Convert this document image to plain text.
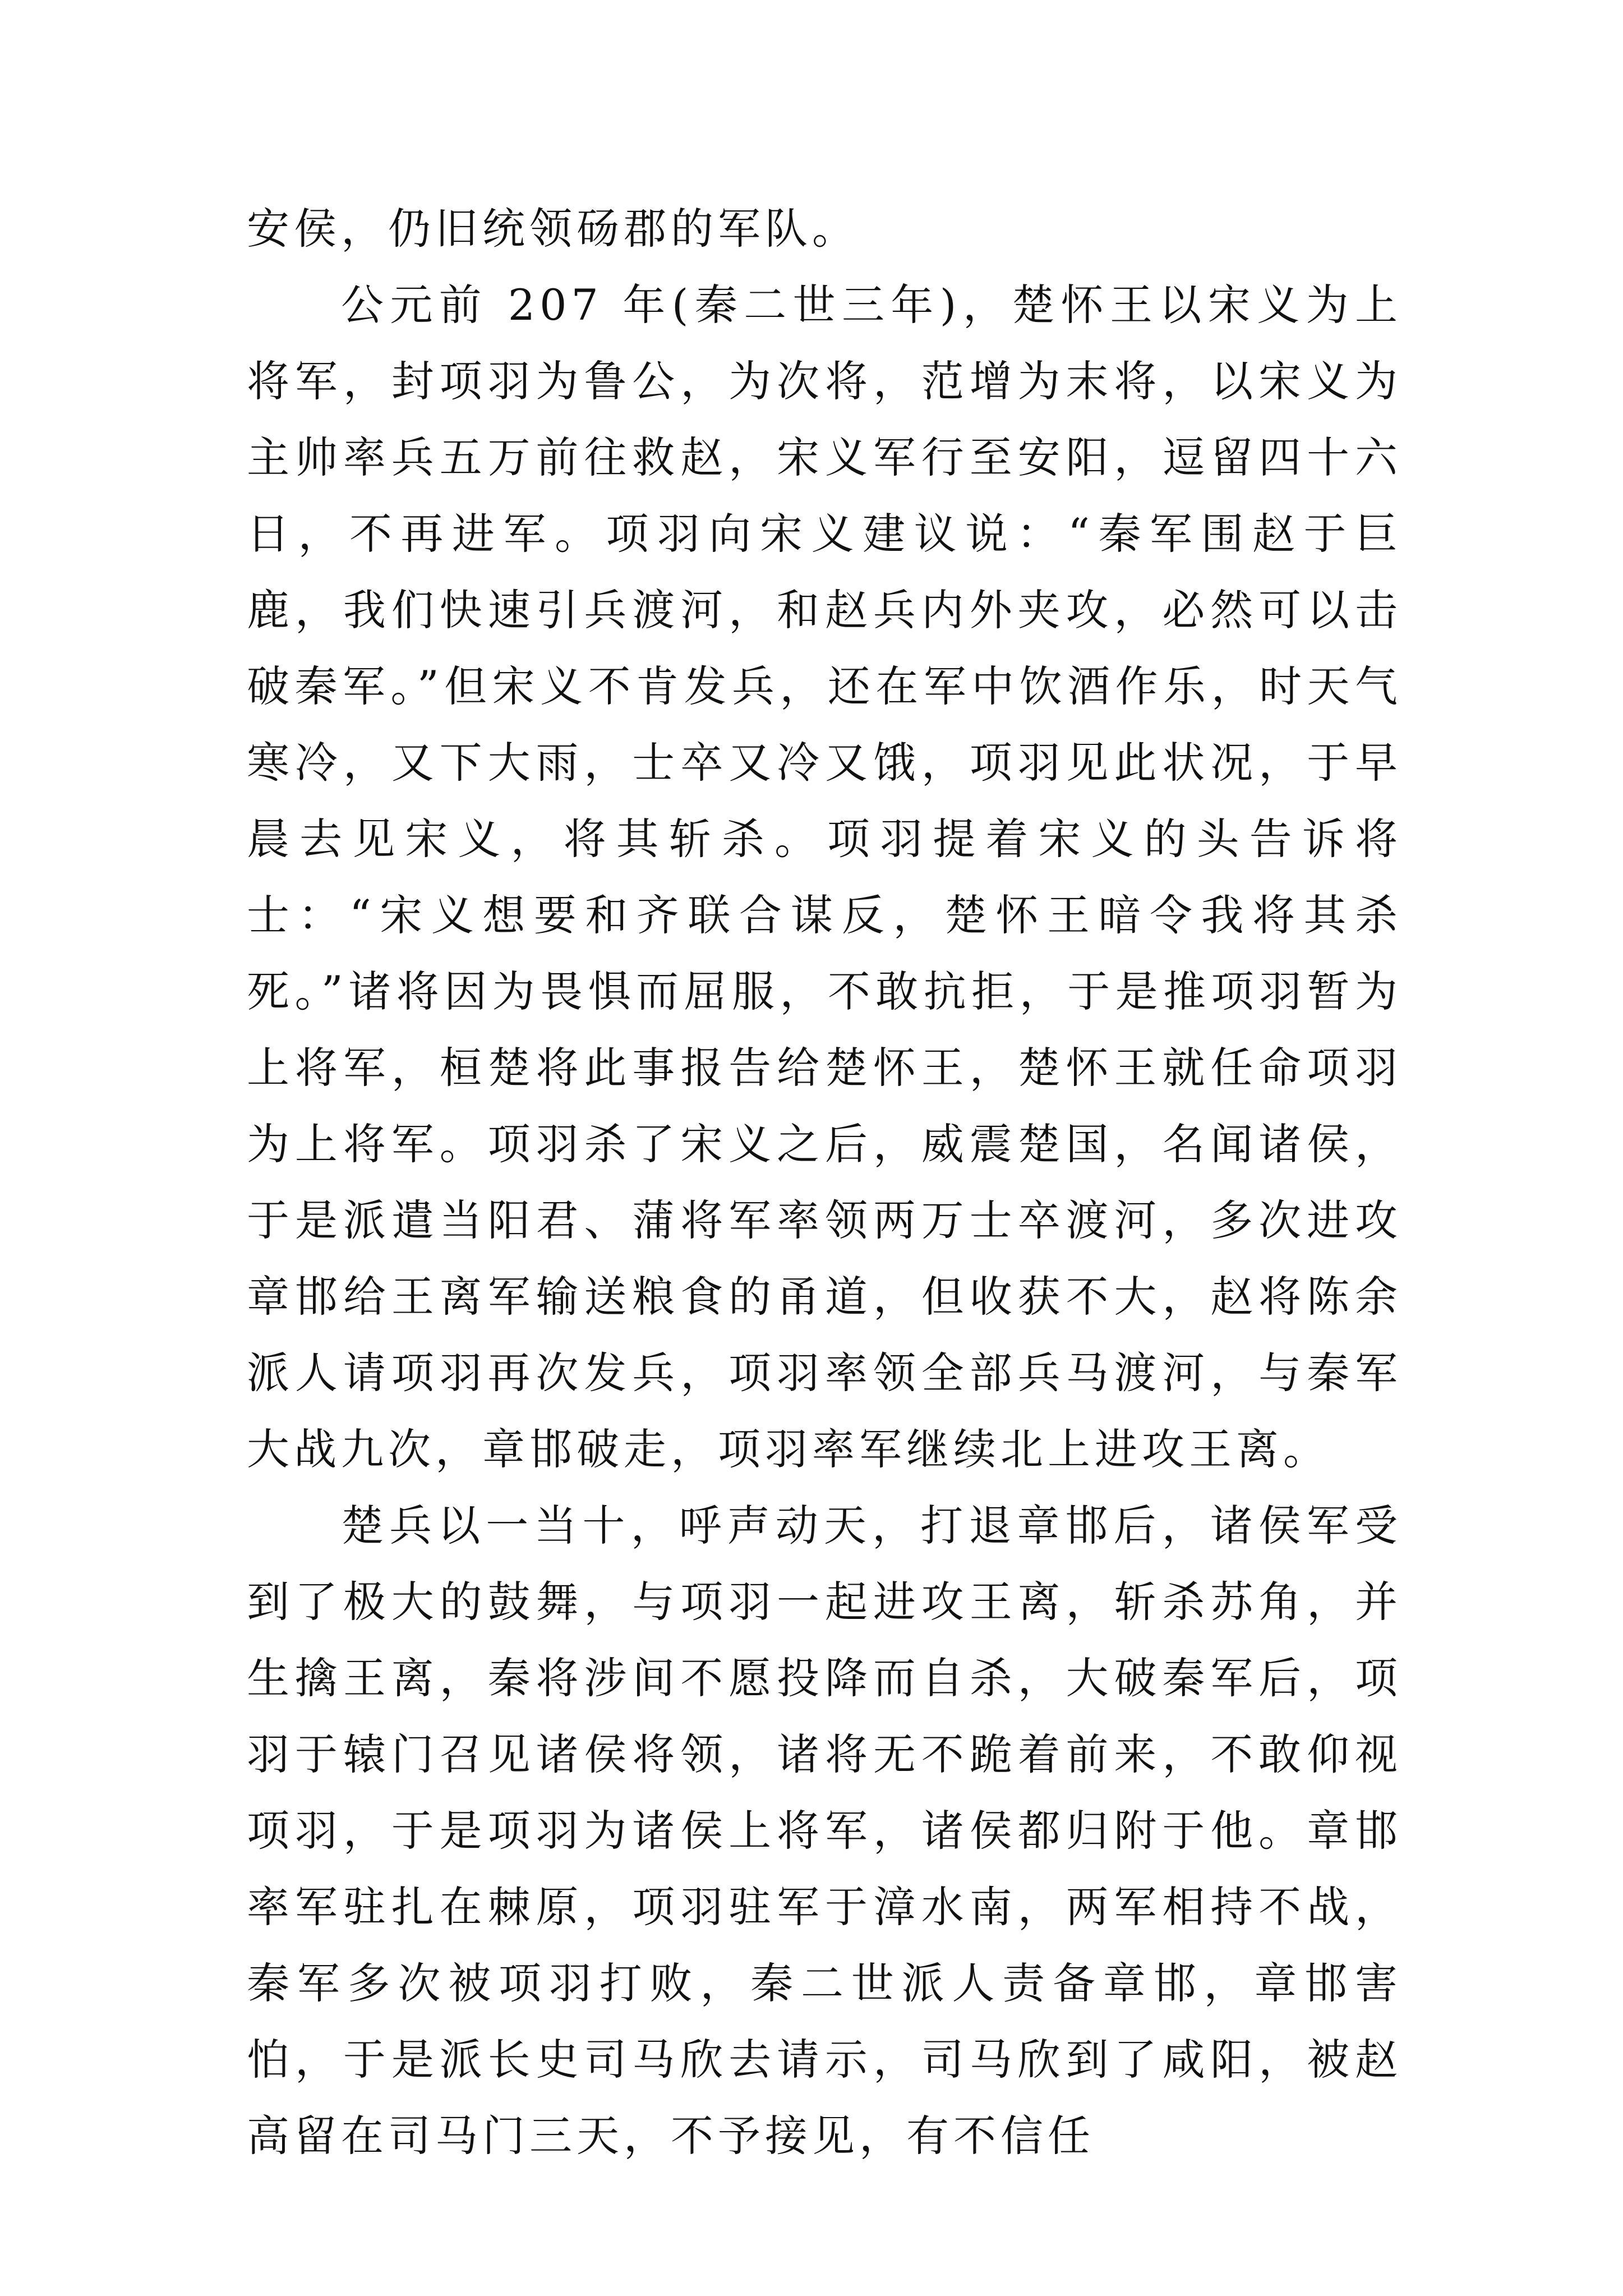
安侯，仍旧统领砀郡的军队。

公元前 207 年(秦二世三年)，楚怀王以宋义为上将军，封项羽为鲁公，为次将，范增为末将，以宋义为主帅率兵五万前往救赵，宋义军行至安阳，逗留四十六日，不再进军。项羽向宋义建议说：“秦军围赵于巨鹿，我们快速引兵渡河，和赵兵内外夹攻，必然可以击破秦军。”但宋义不肯发兵，还在军中饮酒作乐，时天气寒冷，又下大雨，士卒又冷又饿，项羽见此状况，于早晨去见宋义，将其斩杀。项羽提着宋义的头告诉将士：“宋义想要和齐联合谋反，楚怀王暗令我将其杀死。”诸将因为畏惧而屈服，不敢抗拒，于是推项羽暂为上将军，桓楚将此事报告给楚怀王，楚怀王就任命项羽为上将军。项羽杀了宋义之后，威震楚国，名闻诸侯，于是派遣当阳君、蒲将军率领两万士卒渡河，多次进攻章邯给王离军输送粮食的甬道，但收获不大，赵将陈余派人请项羽再次发兵，项羽率领全部兵马渡河，与秦军大战九次，章邯破走，项羽率军继续北上进攻王离。

楚兵以一当十，呼声动天，打退章邯后，诸侯军受到了极大的鼓舞，与项羽一起进攻王离，斩杀苏角，并生擒王离，秦将涉间不愿投降而自杀，大破秦军后，项羽于辕门召见诸侯将领，诸将无不跪着前来，不敢仰视项羽，于是项羽为诸侯上将军，诸侯都归附于他。章邯率军驻扎在棘原，项羽驻军于漳水南，两军相持不战，秦军多次被项羽打败，秦二世派人责备章邯，章邯害怕，于是派长史司马欣去请示，司马欣到了咸阳，被赵高留在司马门三天，不予接见，有不信任
